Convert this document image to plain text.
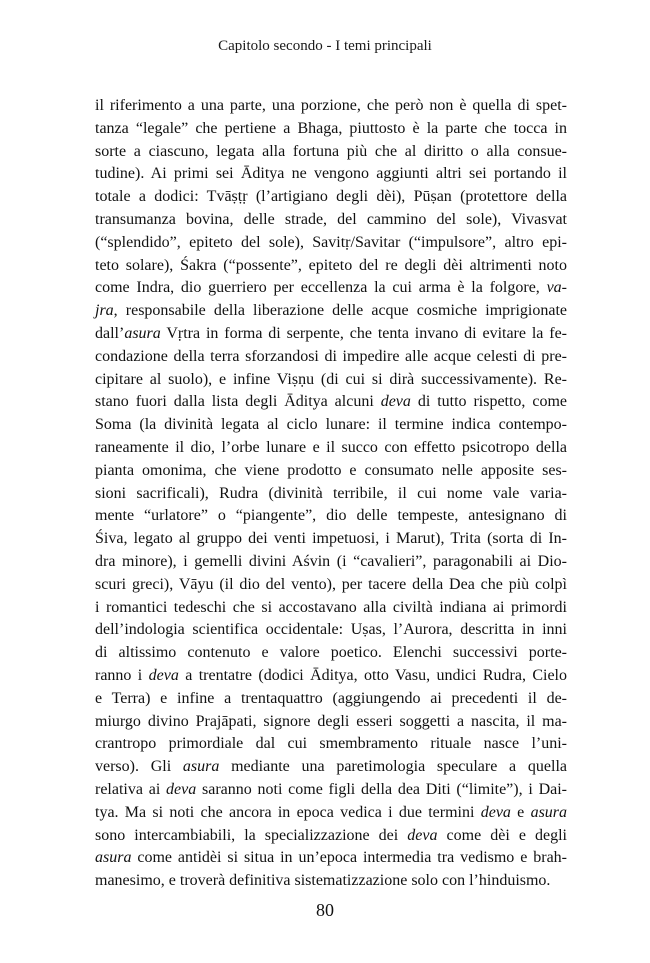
Capitolo secondo - I temi principali
il riferimento a una parte, una porzione, che però non è quella di spet-
tanza “legale” che pertiene a Bhaga, piuttosto è la parte che tocca in
sorte a ciascuno, legata alla fortuna più che al diritto o alla consue-
tudine). Ai primi sei Āditya ne vengono aggiunti altri sei portando il
totale a dodici: Tvāṣṭṛ (l’artigiano degli dèi), Pūṣan (protettore della
transumanza bovina, delle strade, del cammino del sole), Vivasvat
(“splendido”, epiteto del sole), Savitṛ/Savitar (“impulsore”, altro epi-
teto solare), Śakra (“possente”, epiteto del re degli dèi altrimenti noto
come Indra, dio guerriero per eccellenza la cui arma è la folgore, va-
jra, responsabile della liberazione delle acque cosmiche imprigionate
dall’asura Vṛtra in forma di serpente, che tenta invano di evitare la fe-
condazione della terra sforzandosi di impedire alle acque celesti di pre-
cipitare al suolo), e infine Viṣṇu (di cui si dirà successivamente). Re-
stano fuori dalla lista degli Āditya alcuni deva di tutto rispetto, come
Soma (la divinità legata al ciclo lunare: il termine indica contempo-
raneamente il dio, l’orbe lunare e il succo con effetto psicotropo della
pianta omonima, che viene prodotto e consumato nelle apposite ses-
sioni sacrificali), Rudra (divinità terribile, il cui nome vale varia-
mente “urlatore” o “piangente”, dio delle tempeste, antesignano di
Śiva, legato al gruppo dei venti impetuosi, i Marut), Trita (sorta di In-
dra minore), i gemelli divini Aśvin (i “cavalieri”, paragonabili ai Dio-
scuri greci), Vāyu (il dio del vento), per tacere della Dea che più colpì
i romantici tedeschi che si accostavano alla civiltà indiana ai primordi
dell’indologia scientifica occidentale: Uṣas, l’Aurora, descritta in inni
di altissimo contenuto e valore poetico. Elenchi successivi porte-
ranno i deva a trentatre (dodici Āditya, otto Vasu, undici Rudra, Cielo
e Terra) e infine a trentaquattro (aggiungendo ai precedenti il de-
miurgo divino Prajāpati, signore degli esseri soggetti a nascita, il ma-
crantropo primordiale dal cui smembramento rituale nasce l’uni-
verso). Gli asura mediante una paretimologia speculare a quella
relativa ai deva saranno noti come figli della dea Diti (“limite”), i Dai-
tya. Ma si noti che ancora in epoca vedica i due termini deva e asura
sono intercambiabili, la specializzazione dei deva come dèi e degli
asura come antidèi si situa in un’epoca intermedia tra vedismo e brah-
manesimo, e troverà definitiva sistematizzazione solo con l’hinduismo.
80
